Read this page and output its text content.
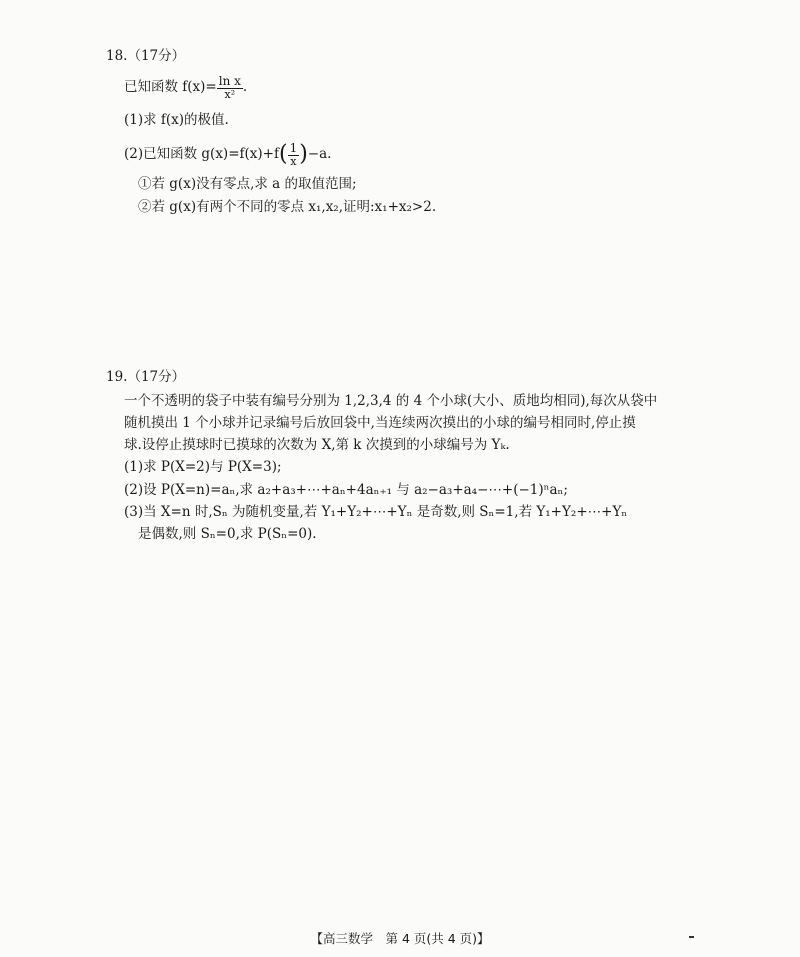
18.（17分）
已知函数 $f(x)= \frac{\text{ln x}}{\text{x²}}$ .
(1)求 f(x)的极值.
(2)已知函数 $g(x)=f(x)+f( \frac{1}{x} )-a$.
①若 g(x)没有零点,求 a 的取值范围;
②若 g(x)有两个不同的零点 x₁,x₂,证明:x₁+x₂>2.
19.（17分）
一个不透明的袋子中装有编号分别为 1,2,3,4 的 4 个小球(大小、质地均相同),每次从袋中
随机摸出 1 个小球并记录编号后放回袋中,当连续两次摸出的小球的编号相同时,停止摸
球.设停止摸球时已摸球的次数为 X,第 k 次摸到的小球编号为 Yₖ.
(1)求 P(X=2)与 P(X=3);
(2)设 P(X=n)=aₙ,求 a₂+a₃+⋯+aₙ+4aₙ₊₁ 与 a₂−a₃+a₄−⋯+(−1)ⁿaₙ;
(3)当 X=n 时,Sₙ 为随机变量,若 Y₁+Y₂+⋯+Yₙ 是奇数,则 Sₙ=1,若 Y₁+Y₂+⋯+Yₙ
是偶数,则 Sₙ=0,求 P(Sₙ=0).
【高三数学　第 4 页(共 4 页)】
